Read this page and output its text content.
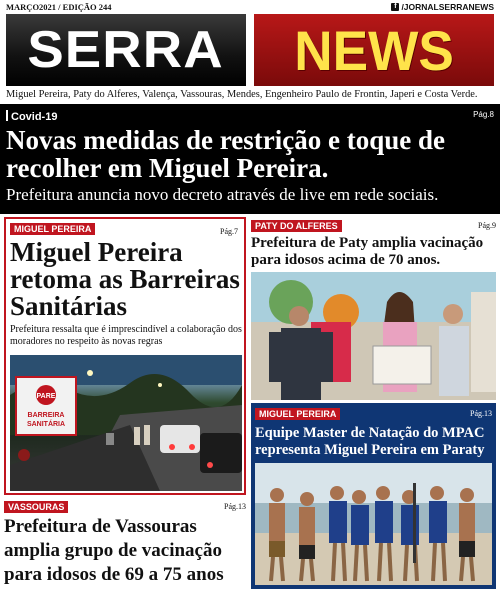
MARÇO2021 / EDIÇÃO 244	f /JORNALSERRANEWS
SERRA NEWS
Miguel Pereira, Paty do Alferes, Valença, Vassouras, Mendes, Engenheiro Paulo de Frontin, Japeri e Costa Verde.
Covid-19	Pág.8
Novas medidas de restrição e toque de recolher em Miguel Pereira.
Prefeitura anuncia novo decreto através de live em rede sociais.
MIGUEL PEREIRA	Pág.7
Miguel Pereira retoma as Barreiras Sanitárias
Prefeitura ressalta que é imprescindível a colaboração dos moradores no respeito às novas regras
PARE
BARREIRA
SANITÁRIA
PATY DO ALFERES	Pág.9
Prefeitura de Paty amplia vacinação para idosos acima de 70 anos.
MIGUEL PEREIRA	Pág.13
Equipe Master de Natação do MPAC representa Miguel Pereira em Paraty
VASSOURAS	Pág.13
Prefeitura de Vassouras amplia grupo de vacinação para idosos de 69 a 75 anos
